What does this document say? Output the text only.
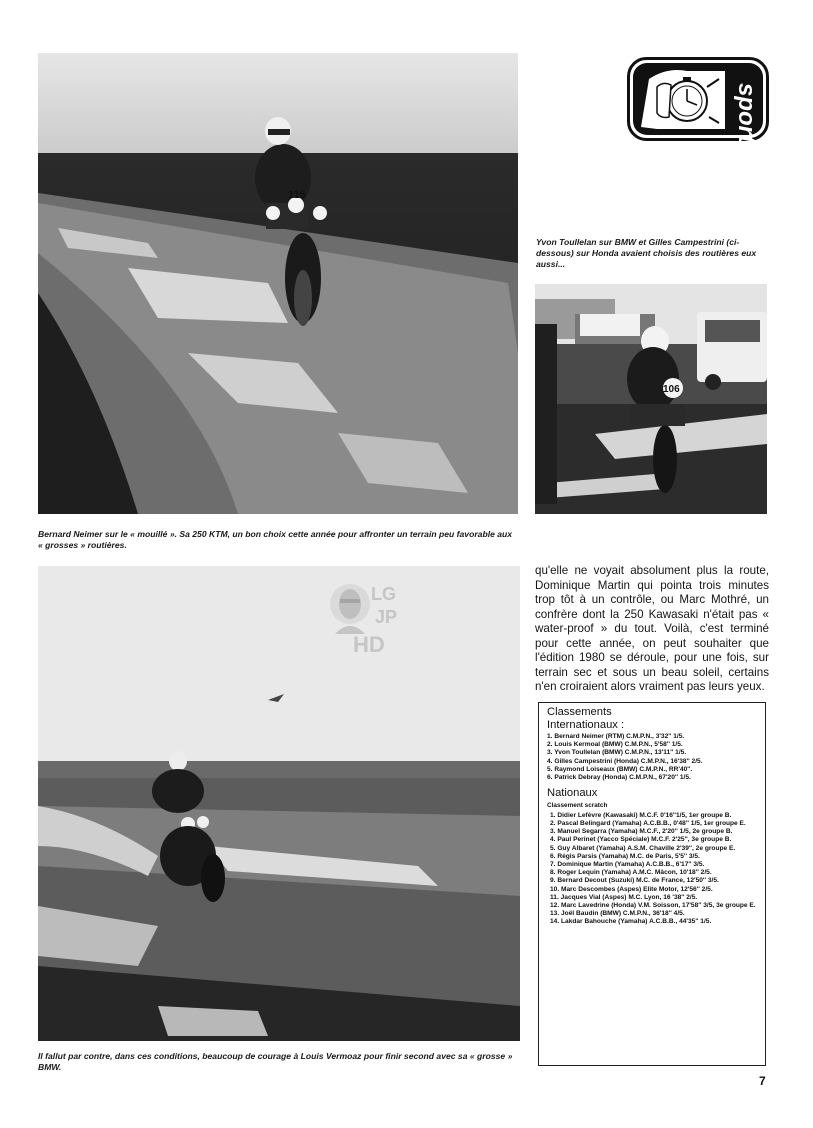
115
Bernard Neimer sur le « mouillé ». Sa 250 KTM, un bon choix cette année pour affronter un terrain peu favorable aux « grosses » routières.
sport
Yvon Toullelan sur BMW et Gilles Campestrini (ci-dessous) sur Honda avaient choisis des routières eux aussi...
106
LG
JP
HD
Il fallut par contre, dans ces conditions, beaucoup de courage à Louis Vermoaz pour finir second avec sa « grosse » BMW.

qu'elle ne voyait absolument plus la route, Dominique Martin qui pointa trois minutes trop tôt à un contrôle, ou Marc Mothré, un confrère dont la 250 Kawasaki n'était pas « water-proof » du tout. Voilà, c'est terminé pour cette année, on peut souhaiter que l'édition 1980 se déroule, pour une fois, sur terrain sec et sous un beau soleil, certains n'en croiraient alors vraiment pas leurs yeux.

Classements
Internationaux :

1. Bernard Neimer (RTM) C.M.P.N., 3'32'' 1/5.
2. Louis Kermoal (BMW) C.M.P.N., 5'58'' 1/5.
3. Yvon Toullelan (BMW) C.M.P.N., 13'11'' 1/5.
4. Gilles Campestrini (Honda) C.M.P.N., 16'38'' 2/5.
5. Raymond Loiseaux (BMW) C.M.P.N., RR'40''.
6. Patrick Debray (Honda) C.M.P.N., 67'20'' 1/5.

Nationaux

Classement scratch
1. Didier Lefèvre (Kawasaki) M.C.F. 0'16''1/5, 1er groupe B.
2. Pascal Belingard (Yamaha) A.C.B.B., 0'48'' 1/5, 1er groupe E.
3. Manuel Segarra (Yamaha) M.C.F., 2'20'' 1/5, 2e groupe B.
4. Paul Perinet (Yacco Spéciale) M.C.F. 2'25'', 3e groupe B.
5. Guy Albaret (Yamaha) A.S.M. Chaville 2'39'', 2e groupe E.
6. Régis Parsis (Yamaha) M.C. de Paris, 5'5'' 3/5.
7. Dominique Martin (Yamaha) A.C.B.B., 6'17'' 3/5.
8. Roger Lequin (Yamaha) A.M.C. Mâcon, 10'18'' 2/5.
9. Bernard Decout (Suzuki) M.C. de France, 12'50'' 3/5.
10. Marc Descombes (Aspes) Elite Motor, 12'56'' 2/5.
11. Jacques Vial (Aspes) M.C. Lyon, 16 '38'' 2/5.
12. Marc Lavedrine (Honda) V.M. Soisson, 17'58'' 3/5, 3e groupe E.
13. Joël Baudin (BMW) C.M.P.N., 36'18'' 4/5.
14. Lakdar Bahouche (Yamaha) A.C.B.B., 44'35'' 1/5.
7
